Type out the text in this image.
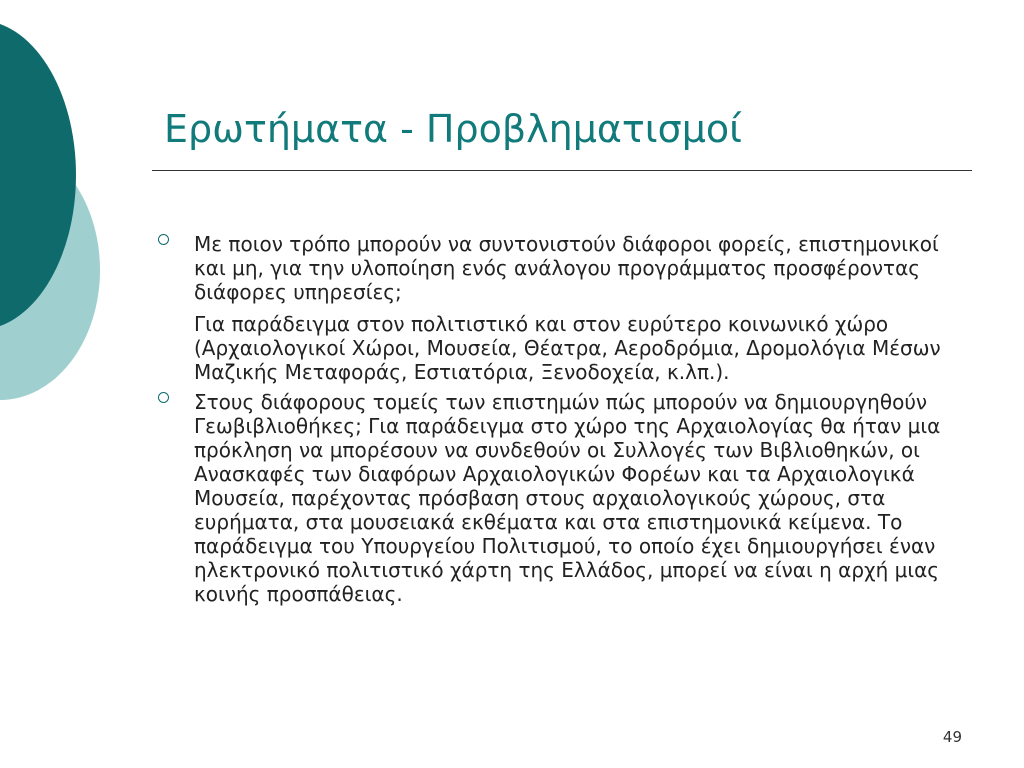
Ερωτήματα - Προβληματισμοί

Με ποιον τρόπο μπορούν να συντονιστούν διάφοροι φορείς, επιστημονικοί και μη, για την υλοποίηση ενός ανάλογου προγράμματος προσφέροντας διάφορες υπηρεσίες;

Για παράδειγμα στον πολιτιστικό και στον ευρύτερο κοινωνικό χώρο (Αρχαιολογικοί Χώροι, Μουσεία, Θέατρα, Αεροδρόμια, Δρομολόγια Μέσων Μαζικής Μεταφοράς, Εστιατόρια, Ξενοδοχεία, κ.λπ.).

Στους διάφορους τομείς των επιστημών πώς μπορούν να δημιουργηθούν Γεωβιβλιοθήκες; Για παράδειγμα στο χώρο της Αρχαιολογίας θα ήταν μια πρόκληση να μπορέσουν να συνδεθούν οι Συλλογές των Βιβλιοθηκών, οι Ανασκαφές των διαφόρων Αρχαιολογικών Φορέων και τα Αρχαιολογικά Μουσεία, παρέχοντας πρόσβαση στους αρχαιολογικούς χώρους, στα ευρήματα, στα μουσειακά εκθέματα και στα επιστημονικά κείμενα. Το παράδειγμα του Υπουργείου Πολιτισμού, το οποίο έχει δημιουργήσει έναν ηλεκτρονικό πολιτιστικό χάρτη της Ελλάδος, μπορεί να είναι η αρχή μιας κοινής προσπάθειας.

49
